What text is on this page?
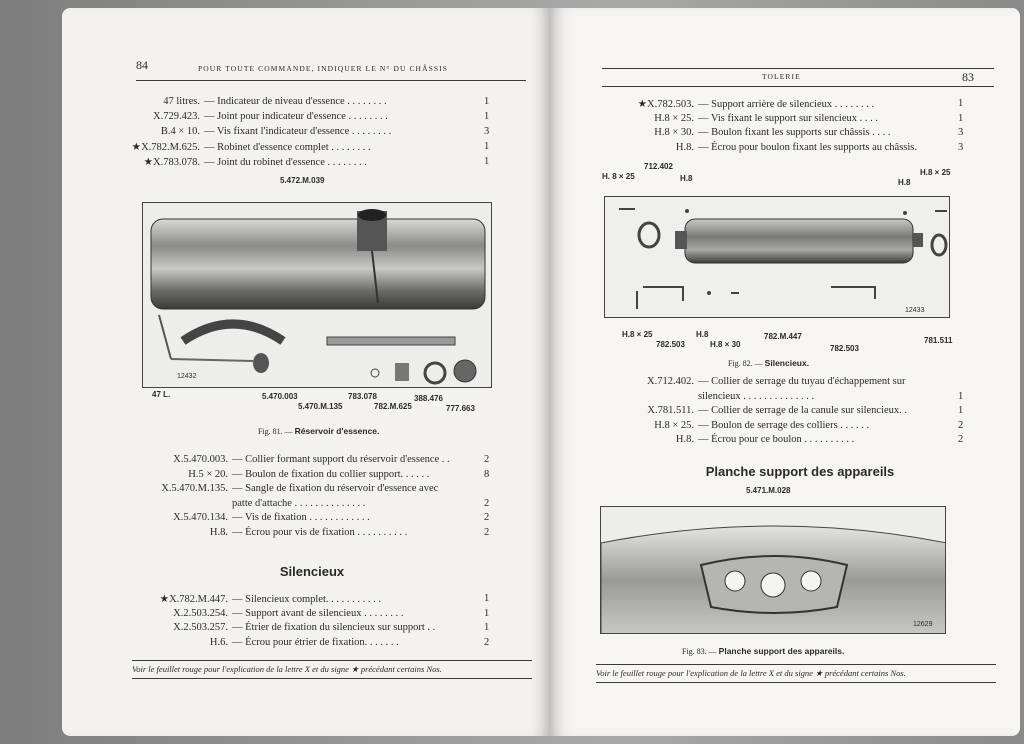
84	POUR TOUTE COMMANDE, INDIQUER LE N° DU CHÂSSIS
47 litres. — Indicateur de niveau d'essence . . . . . . . .	1
X.729.423. — Joint pour indicateur d'essence . . . . . . . .	1
B.4 × 10. — Vis fixant l'indicateur d'essence . . . . . . . .	3
★X.782.M.625. — Robinet d'essence complet . . . . . . . .	1
★X.783.078. — Joint du robinet d'essence . . . . . . . .	1
5.472.M.039
12432
47 L.	5.470.003
5.470.M.135
783.078
782.M.625
388.476
777.663
Fig. 81. — Réservoir d'essence.
X.5.470.003. — Collier formant support du réservoir d'essence . .	2
H.5 × 20. — Boulon de fixation du collier support. . . . . .	8
X.5.470.M.135. — Sangle de fixation du réservoir d'essence avec
patte d'attache . . . . . . . . . . . . . .	2
X.5.470.134. — Vis de fixation . . . . . . . . . . . .	2
H.8. — Écrou pour vis de fixation . . . . . . . . . .	2
Silencieux
★X.782.M.447. — Silencieux complet. . . . . . . . . . .	1
X.2.503.254. — Support avant de silencieux . . . . . . . .	1
X.2.503.257. — Étrier de fixation du silencieux sur support . .	1
H.6. — Écrou pour étrier de fixation. . . . . . .	2
Voir le feuillet rouge pour l'explication de la lettre X et du signe ★ précédant certains Nos.
TOLERIE	83
★X.782.503. — Support arrière de silencieux . . . . . . . .	1
H.8 × 25. — Vis fixant le support sur silencieux . . . .	1
H.8 × 30. — Boulon fixant les supports sur châssis . . . .	3
H.8. — Écrou pour boulon fixant les supports au châssis.	3
H. 8 × 25
712.402
H.8	H.8
H.8 × 25
12433
H.8 × 25
782.503
H.8
H.8 × 30
782.M.447
782.503
781.511
Fig. 82. — Silencieux.
X.712.402. — Collier de serrage du tuyau d'échappement sur
silencieux . . . . . . . . . . . . . .	1
X.781.511. — Collier de serrage de la canule sur silencieux. .	1
H.8 × 25. — Boulon de serrage des colliers . . . . . .	2
H.8. — Écrou pour ce boulon . . . . . . . . . .	2
Planche support des appareils
5.471.M.028
12629
Fig. 83. — Planche support des appareils.
Voir le feuillet rouge pour l'explication de la lettre X et du signe ★ précédant certains Nos.
